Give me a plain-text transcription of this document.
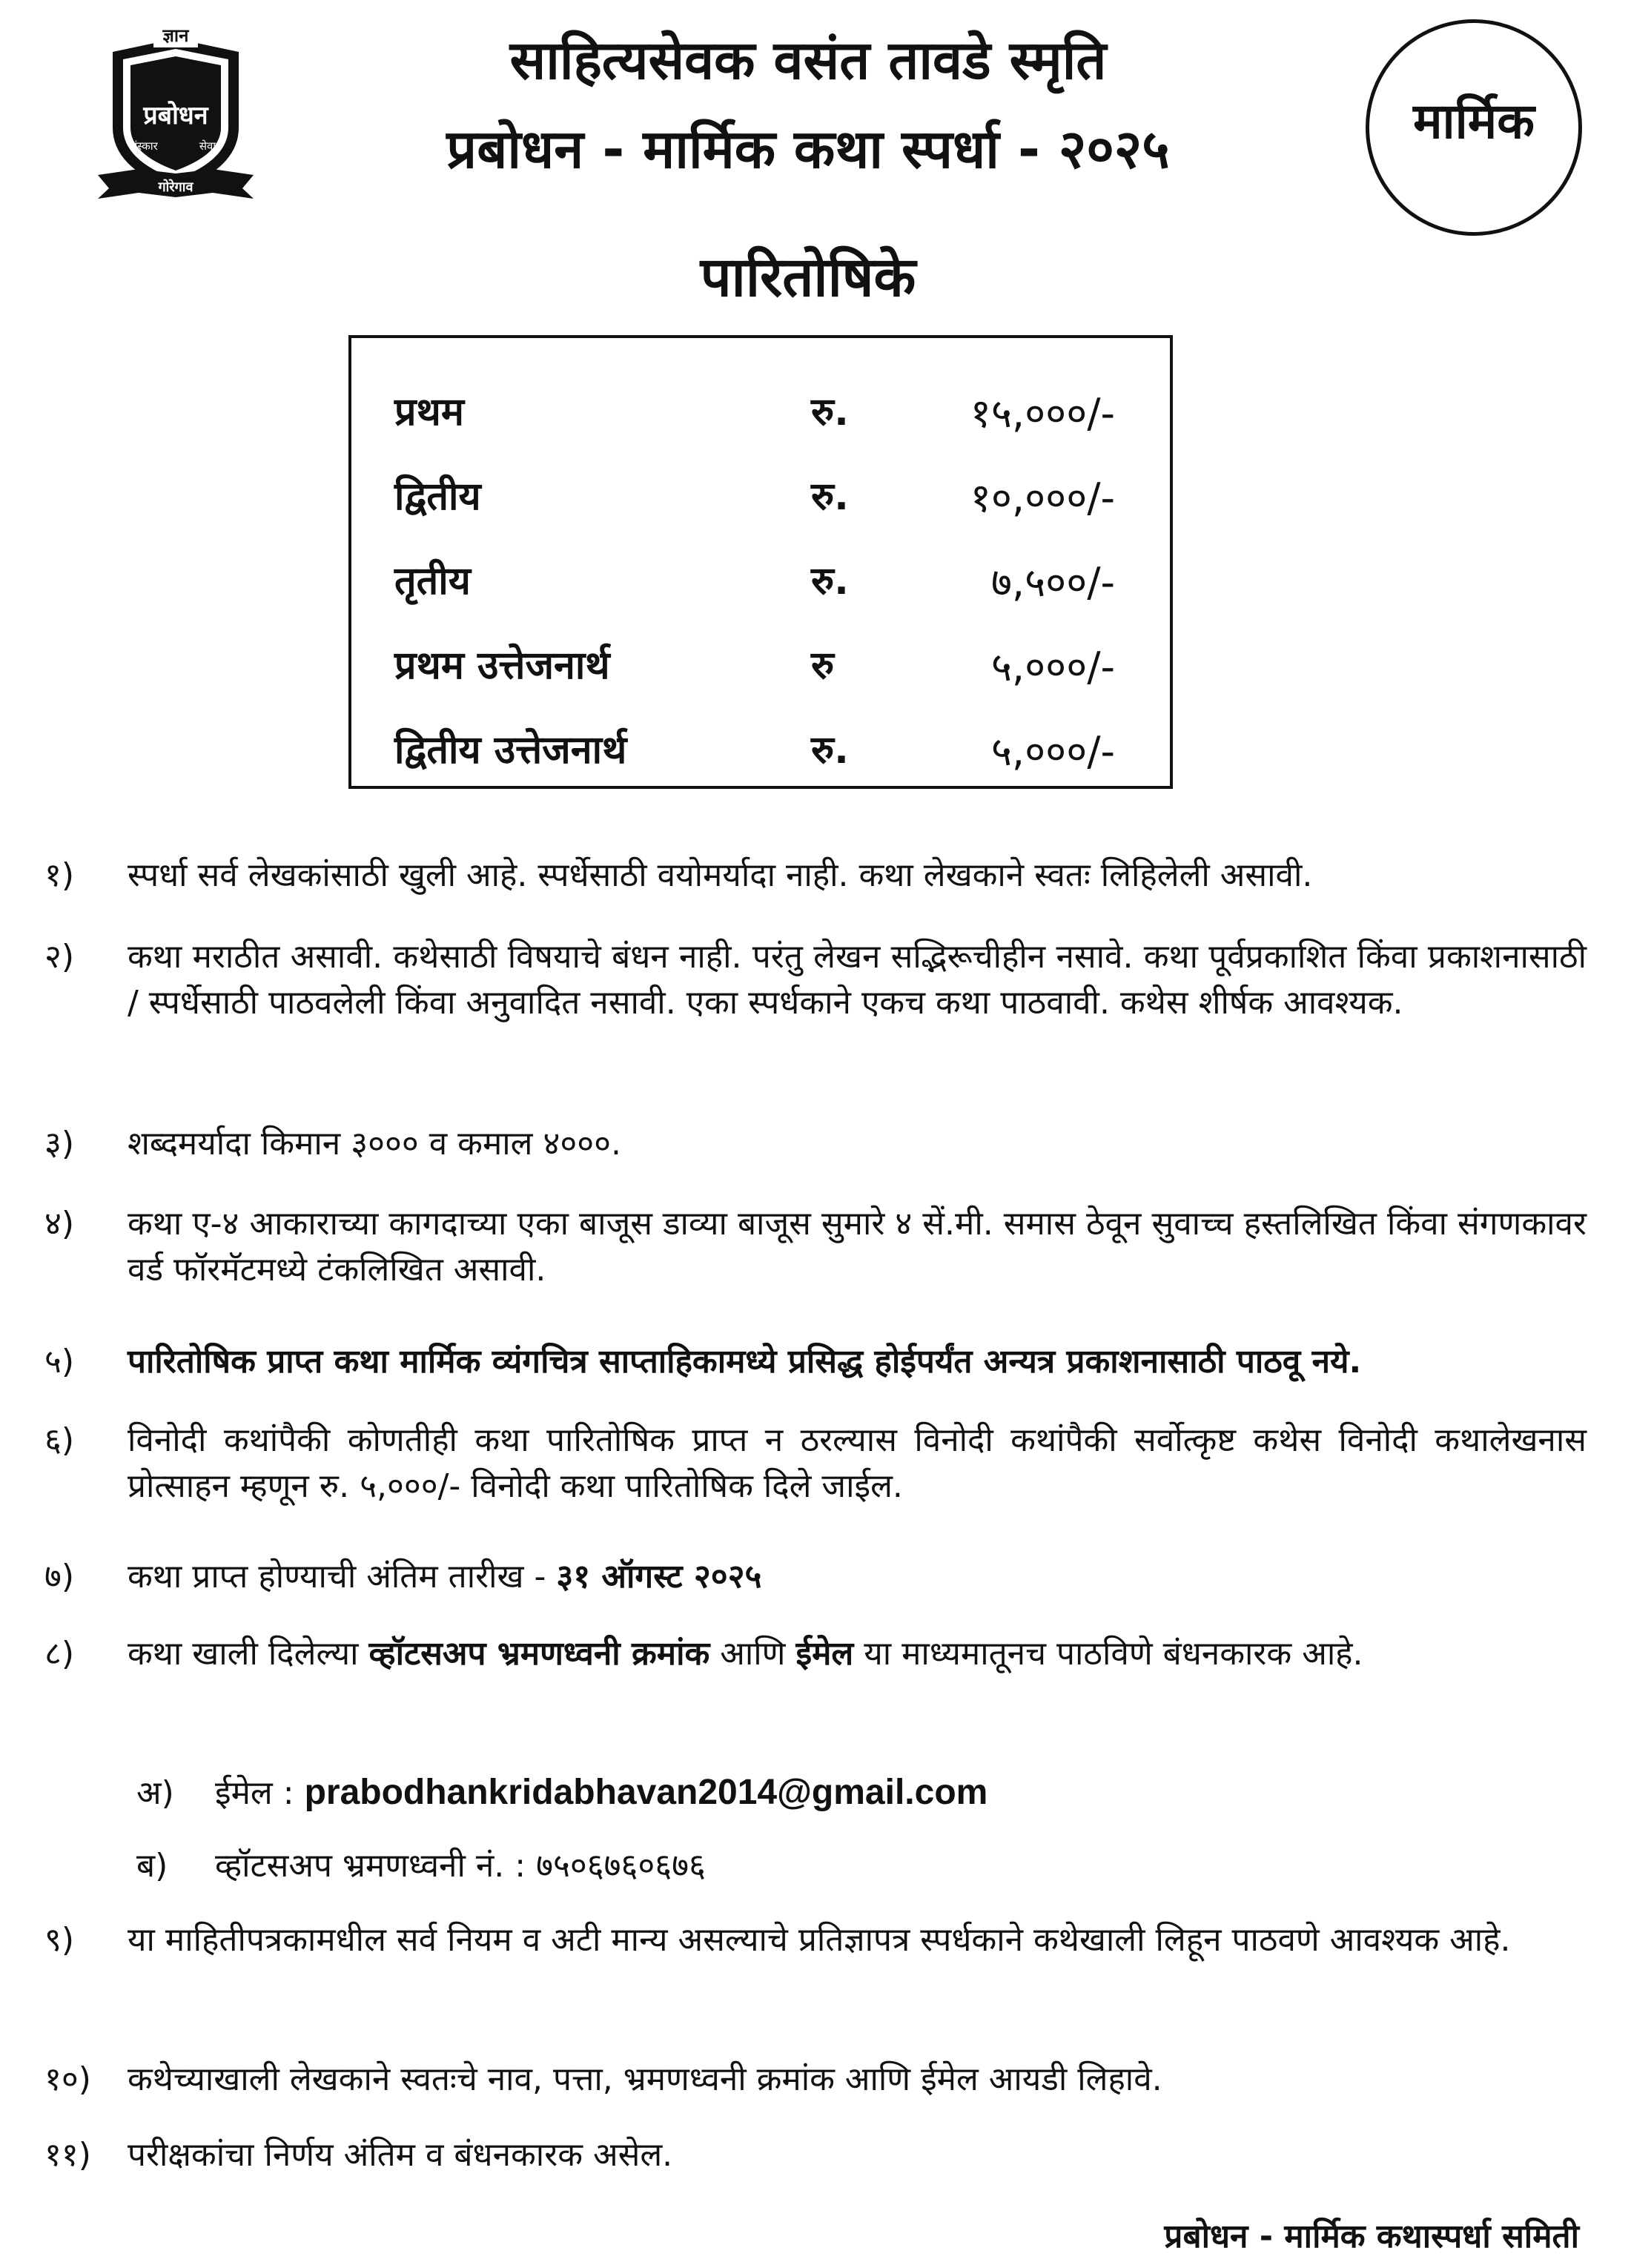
ज्ञान
प्रबोधन
संस्कार	सेवा
गोरेगाव
साहित्यसेवक वसंत तावडे स्मृति
प्रबोधन - मार्मिक कथा स्पर्धा - २०२५	मार्मिक
पारितोषिके
प्रथम	रु.	१५,०००/-
द्वितीय	रु.	१०,०००/-
तृतीय	रु.	७,५००/-
प्रथम उत्तेजनार्थ	रु	५,०००/-
द्वितीय उत्तेजनार्थ	रु.	५,०००/-
१) स्पर्धा सर्व लेखकांसाठी खुली आहे. स्पर्धेसाठी वयोमर्यादा नाही. कथा लेखकाने स्वतः लिहिलेली असावी.
२) कथा मराठीत असावी. कथेसाठी विषयाचे बंधन नाही. परंतु लेखन सद्भिरूचीहीन नसावे. कथा पूर्वप्रकाशित किंवा प्रकाशनासाठी / स्पर्धेसाठी पाठवलेली किंवा अनुवादित नसावी. एका स्पर्धकाने एकच कथा पाठवावी. कथेस शीर्षक आवश्यक.
३) शब्दमर्यादा किमान ३००० व कमाल ४०००.
४) कथा ए-४ आकाराच्या कागदाच्या एका बाजूस डाव्या बाजूस सुमारे ४ सें.मी. समास ठेवून सुवाच्च हस्तलिखित किंवा संगणकावर वर्ड फॉरमॅटमध्ये टंकलिखित असावी.
५) पारितोषिक प्राप्त कथा मार्मिक व्यंगचित्र साप्ताहिकामध्ये प्रसिद्ध होईपर्यंत अन्यत्र प्रकाशनासाठी पाठवू नये.
६) विनोदी कथांपैकी कोणतीही कथा पारितोषिक प्राप्त न ठरल्यास विनोदी कथांपैकी सर्वोत्कृष्ट कथेस विनोदी कथालेखनास प्रोत्साहन म्हणून रु. ५,०००/- विनोदी कथा पारितोषिक दिले जाईल.
७) कथा प्राप्त होण्याची अंतिम तारीख - ३१ ऑगस्ट २०२५
८) कथा खाली दिलेल्या व्हॉटसअप भ्रमणध्वनी क्रमांक आणि ईमेल या माध्यमातूनच पाठविणे बंधनकारक आहे.
अ) ईमेल : prabodhankridabhavan2014@gmail.com
ब) व्हॉटसअप भ्रमणध्वनी नं. : ७५०६७६०६७६
९) या माहितीपत्रकामधील सर्व नियम व अटी मान्य असल्याचे प्रतिज्ञापत्र स्पर्धकाने कथेखाली लिहून पाठवणे आवश्यक आहे.
१०) कथेच्याखाली लेखकाने स्वतःचे नाव, पत्ता, भ्रमणध्वनी क्रमांक आणि ईमेल आयडी लिहावे.
११) परीक्षकांचा निर्णय अंतिम व बंधनकारक असेल.
प्रबोधन - मार्मिक कथास्पर्धा समिती
